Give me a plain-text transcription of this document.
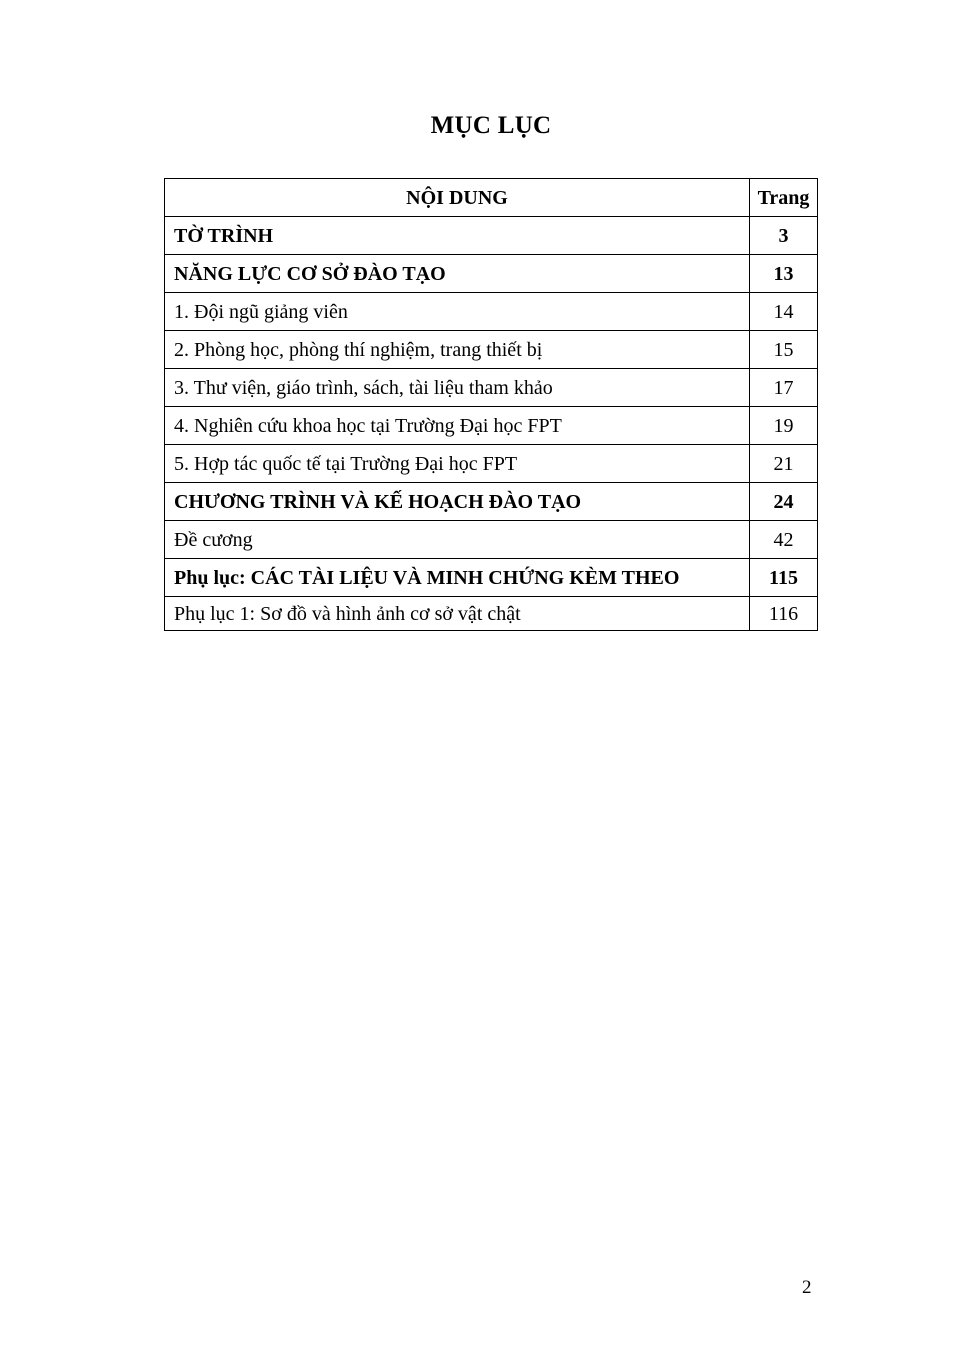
MỤC LỤC
NỘI DUNG	Trang
TỜ TRÌNH	3
NĂNG LỰC CƠ SỞ ĐÀO TẠO	13
1. Đội ngũ giảng viên	14
2. Phòng học, phòng thí nghiệm, trang thiết bị	15
3. Thư viện, giáo trình, sách, tài liệu tham khảo	17
4. Nghiên cứu khoa học tại Trường Đại học FPT	19
5. Hợp tác quốc tế tại Trường Đại học FPT	21
CHƯƠNG TRÌNH VÀ KẾ HOẠCH ĐÀO TẠO	24
Đề cương	42
Phụ lục: CÁC TÀI LIỆU VÀ MINH CHỨNG KÈM THEO	115
Phụ lục 1: Sơ đồ và hình ảnh cơ sở vật chật	116
2
